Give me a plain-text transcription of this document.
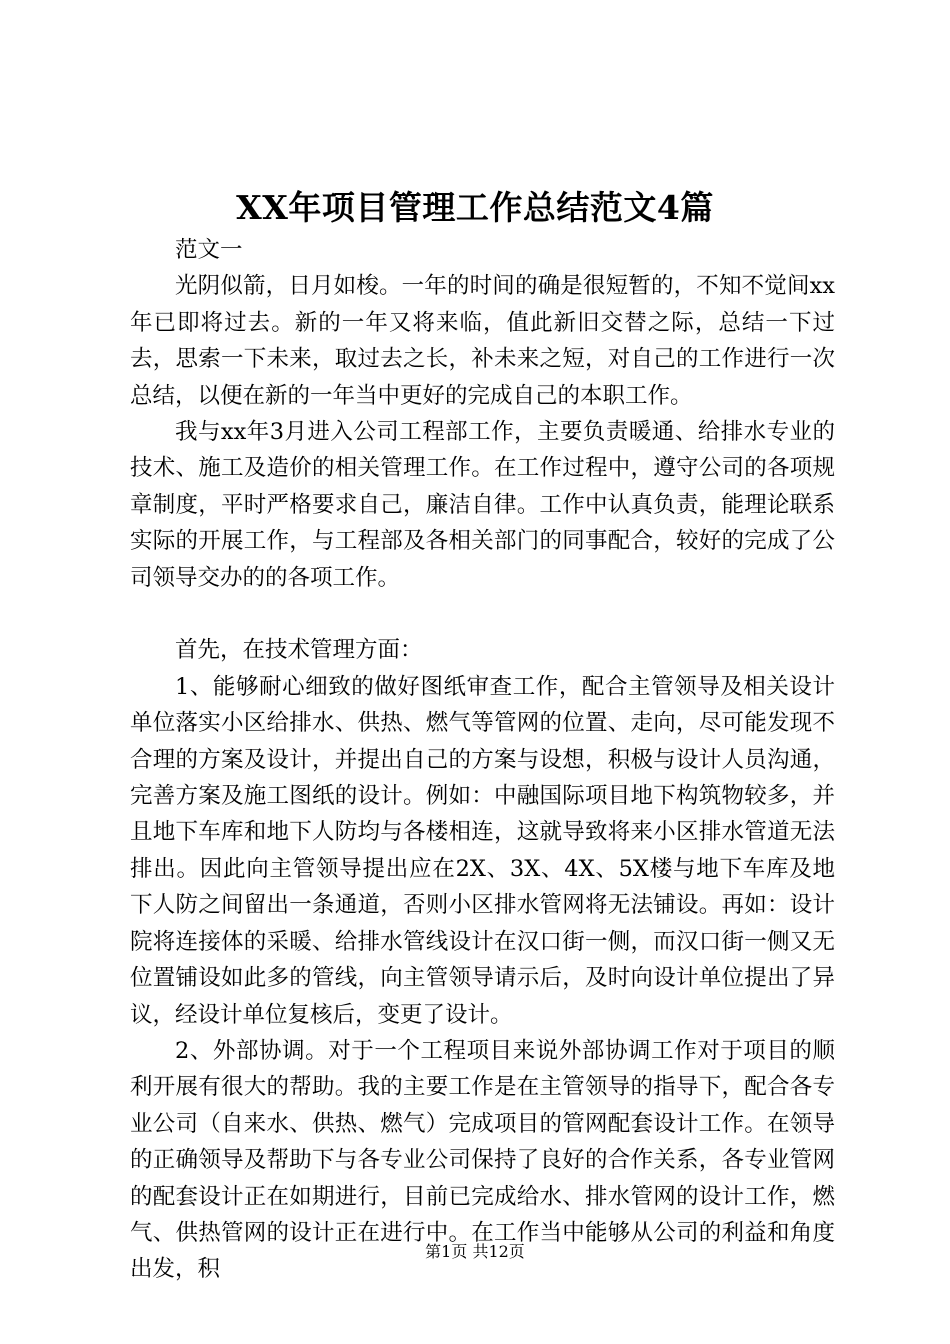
XX年项目管理工作总结范文4篇

范文一

光阴似箭，日月如梭。一年的时间的确是很短暂的，不知不觉间xx年已即将过去。新的一年又将来临，值此新旧交替之际，总结一下过去，思索一下未来，取过去之长，补未来之短，对自己的工作进行一次总结，以便在新的一年当中更好的完成自己的本职工作。

我与xx年3月进入公司工程部工作，主要负责暖通、给排水专业的技术、施工及造价的相关管理工作。在工作过程中，遵守公司的各项规章制度，平时严格要求自己，廉洁自律。工作中认真负责，能理论联系实际的开展工作，与工程部及各相关部门的同事配合，较好的完成了公司领导交办的的各项工作。

首先，在技术管理方面：

1、能够耐心细致的做好图纸审查工作，配合主管领导及相关设计单位落实小区给排水、供热、燃气等管网的位置、走向，尽可能发现不合理的方案及设计，并提出自己的方案与设想，积极与设计人员沟通，完善方案及施工图纸的设计。例如：中融国际项目地下构筑物较多，并且地下车库和地下人防均与各楼相连，这就导致将来小区排水管道无法排出。因此向主管领导提出应在2X、3X、4X、5X楼与地下车库及地下人防之间留出一条通道，否则小区排水管网将无法铺设。再如：设计院将连接体的采暖、给排水管线设计在汉口街一侧，而汉口街一侧又无位置铺设如此多的管线，向主管领导请示后，及时向设计单位提出了异议，经设计单位复核后，变更了设计。

2、外部协调。对于一个工程项目来说外部协调工作对于项目的顺利开展有很大的帮助。我的主要工作是在主管领导的指导下，配合各专业公司（自来水、供热、燃气）完成项目的管网配套设计工作。在领导的正确领导及帮助下与各专业公司保持了良好的合作关系，各专业管网的配套设计正在如期进行，目前已完成给水、排水管网的设计工作，燃气、供热管网的设计正在进行中。在工作当中能够从公司的利益和角度出发，积

第1页 共12页
